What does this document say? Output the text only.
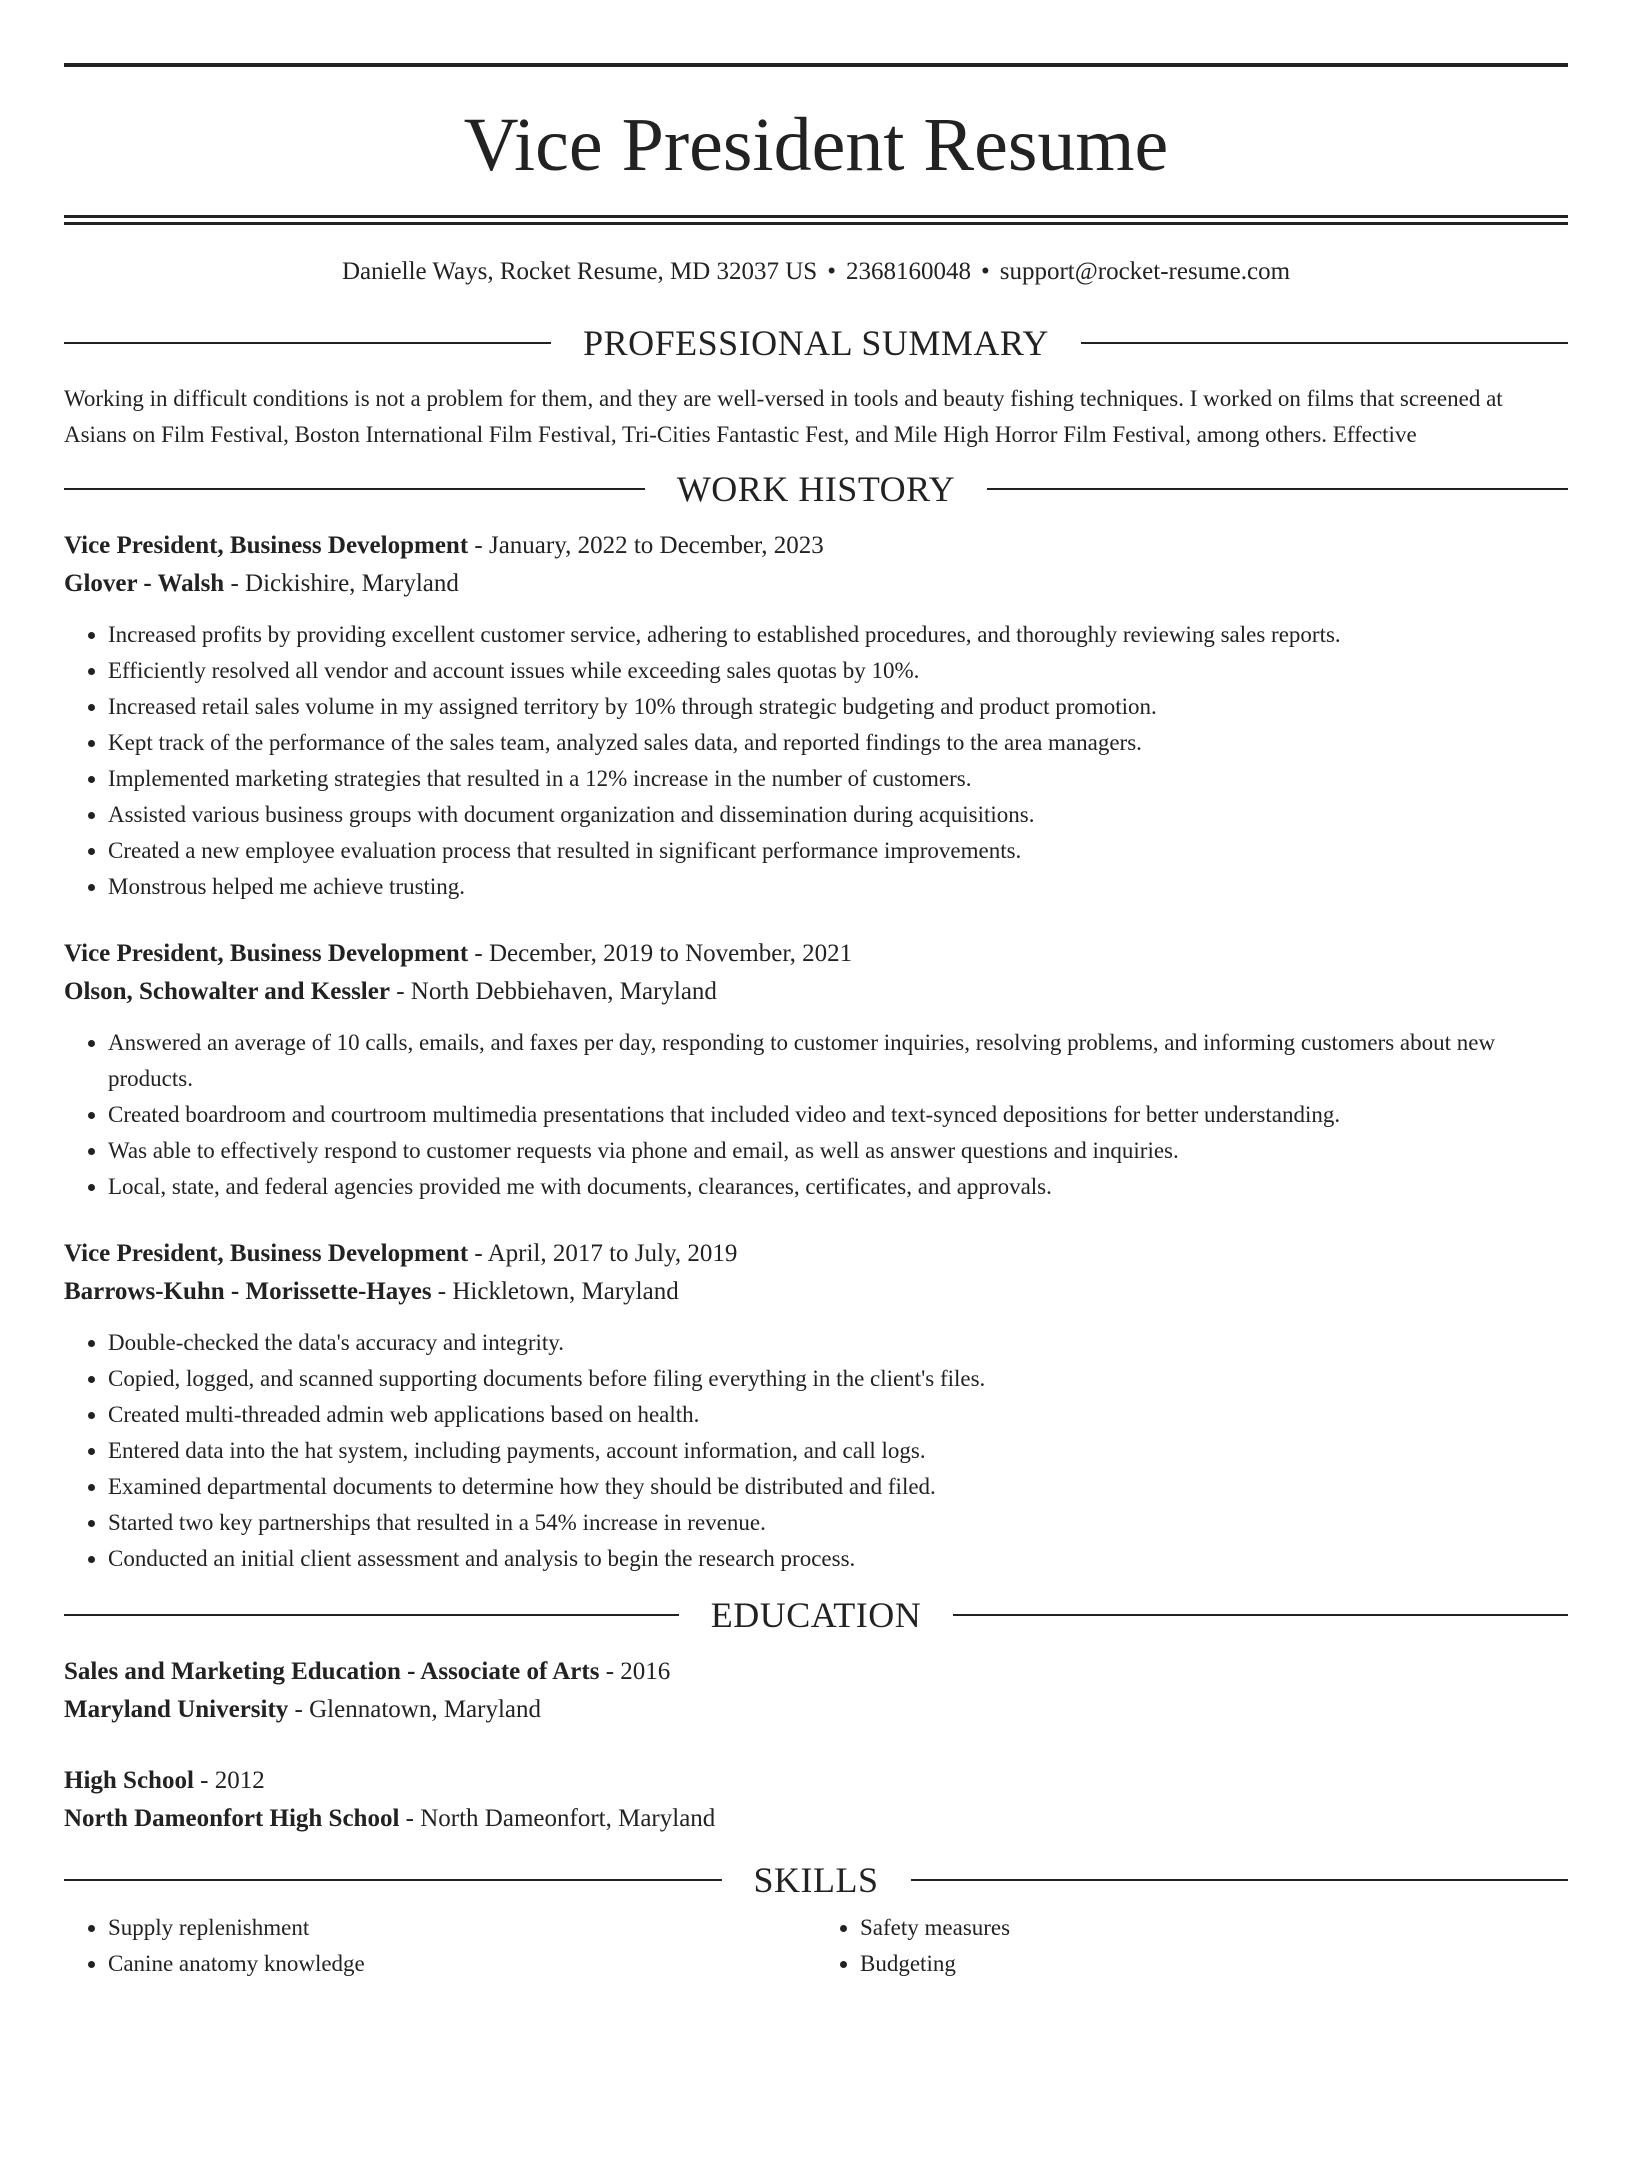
Vice President Resume
Danielle Ways, Rocket Resume, MD 32037 US • 2368160048 • support@rocket-resume.com
PROFESSIONAL SUMMARY
Working in difficult conditions is not a problem for them, and they are well-versed in tools and beauty fishing techniques. I worked on films that screened at Asians on Film Festival, Boston International Film Festival, Tri-Cities Fantastic Fest, and Mile High Horror Film Festival, among others. Effective
WORK HISTORY
Vice President, Business Development - January, 2022 to December, 2023
Glover - Walsh - Dickishire, Maryland
• Increased profits by providing excellent customer service, adhering to established procedures, and thoroughly reviewing sales reports.
• Efficiently resolved all vendor and account issues while exceeding sales quotas by 10%.
• Increased retail sales volume in my assigned territory by 10% through strategic budgeting and product promotion.
• Kept track of the performance of the sales team, analyzed sales data, and reported findings to the area managers.
• Implemented marketing strategies that resulted in a 12% increase in the number of customers.
• Assisted various business groups with document organization and dissemination during acquisitions.
• Created a new employee evaluation process that resulted in significant performance improvements.
• Monstrous helped me achieve trusting.
Vice President, Business Development - December, 2019 to November, 2021
Olson, Schowalter and Kessler - North Debbiehaven, Maryland
• Answered an average of 10 calls, emails, and faxes per day, responding to customer inquiries, resolving problems, and informing customers about new products.
• Created boardroom and courtroom multimedia presentations that included video and text-synced depositions for better understanding.
• Was able to effectively respond to customer requests via phone and email, as well as answer questions and inquiries.
• Local, state, and federal agencies provided me with documents, clearances, certificates, and approvals.
Vice President, Business Development - April, 2017 to July, 2019
Barrows-Kuhn - Morissette-Hayes - Hickletown, Maryland
• Double-checked the data's accuracy and integrity.
• Copied, logged, and scanned supporting documents before filing everything in the client's files.
• Created multi-threaded admin web applications based on health.
• Entered data into the hat system, including payments, account information, and call logs.
• Examined departmental documents to determine how they should be distributed and filed.
• Started two key partnerships that resulted in a 54% increase in revenue.
• Conducted an initial client assessment and analysis to begin the research process.
EDUCATION
Sales and Marketing Education - Associate of Arts - 2016
Maryland University - Glennatown, Maryland
High School - 2012
North Dameonfort High School - North Dameonfort, Maryland
SKILLS
• Supply replenishment
• Canine anatomy knowledge
• Safety measures
• Budgeting
